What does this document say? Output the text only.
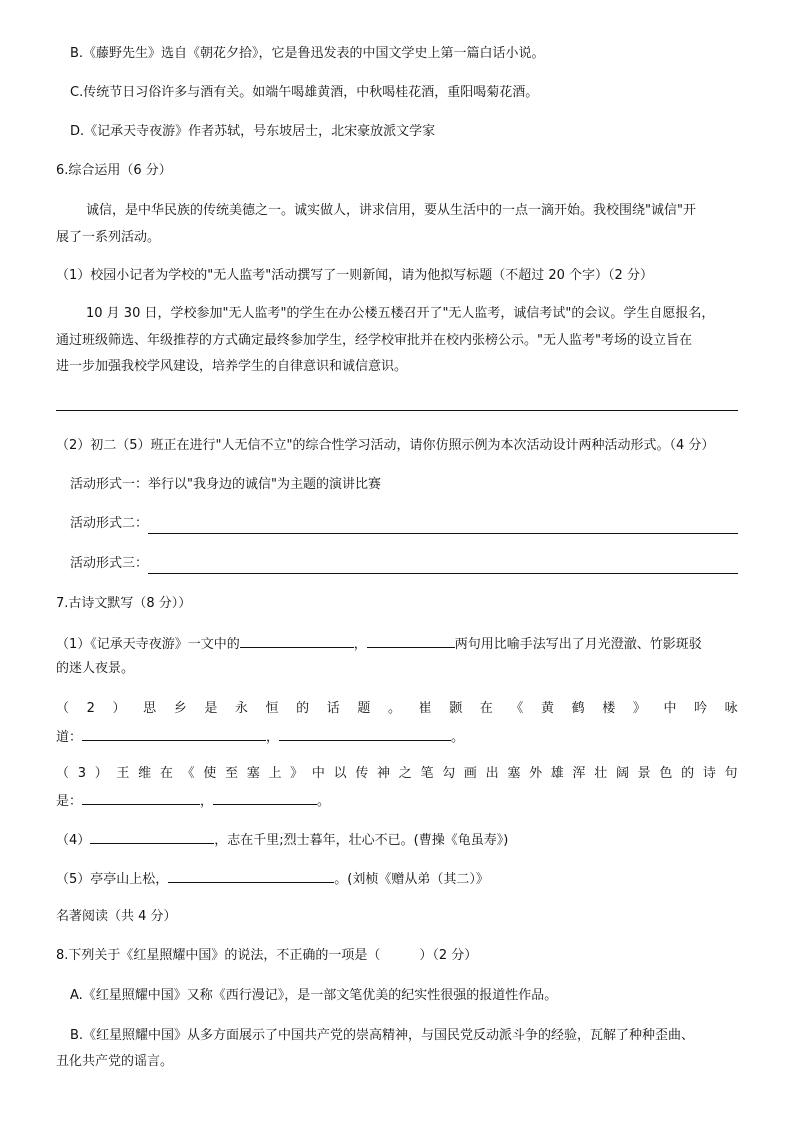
B.《藤野先生》选自《朝花夕拾》，它是鲁迅发表的中国文学史上第一篇白话小说。
C.传统节日习俗许多与酒有关。如端午喝雄黄酒，中秋喝桂花酒，重阳喝菊花酒。
D.《记承天寺夜游》作者苏轼，号东坡居士，北宋豪放派文学家
6.综合运用（6 分）
诚信，是中华民族的传统美德之一。诚实做人，讲求信用，要从生活中的一点一滴开始。我校围绕"诚信"开
展了一系列活动。
（1）校园小记者为学校的"无人监考"活动撰写了一则新闻，请为他拟写标题（不超过 20 个字）（2 分）
10 月 30 日，学校参加"无人监考"的学生在办公楼五楼召开了"无人监考，诚信考试"的会议。学生自愿报名，
通过班级筛选、年级推荐的方式确定最终参加学生，经学校审批并在校内张榜公示。"无人监考"考场的设立旨在
进一步加强我校学风建设，培养学生的自律意识和诚信意识。
（2）初二（5）班正在进行"人无信不立"的综合性学习活动，请你仿照示例为本次活动设计两种活动形式。（4 分）
活动形式一：举行以"我身边的诚信"为主题的演讲比赛
活动形式二：
活动形式三：
7.古诗文默写（8 分））
（1）《记承天寺夜游》一文中的	，	两句用比喻手法写出了月光澄澈、竹影斑驳
的迷人夜景。
（ 2 ） 思 乡 是 永 恒 的 话 题 。 崔 颢 在 《 黄 鹤 楼 》 中 吟 咏
道：	，	。
（ 3 ） 王 维 在 《 使 至 塞 上 》 中 以 传 神 之 笔 勾 画 出 塞 外 雄 浑 壮 阔 景 色 的 诗 句
是：	，	。
（4）	，志在千里;烈士暮年，壮心不已。(曹操《龟虽寿》)
（5）亭亭山上松，	。(刘桢《赠从弟（其二）》
名著阅读（共 4 分）
8.下列关于《红星照耀中国》的说法，不正确的一项是（　　　）（2 分）
A.《红星照耀中国》又称《西行漫记》，是一部文笔优美的纪实性很强的报道性作品。
B.《红星照耀中国》从多方面展示了中国共产党的崇高精神，与国民党反动派斗争的经验，瓦解了种种歪曲、
丑化共产党的谣言。
